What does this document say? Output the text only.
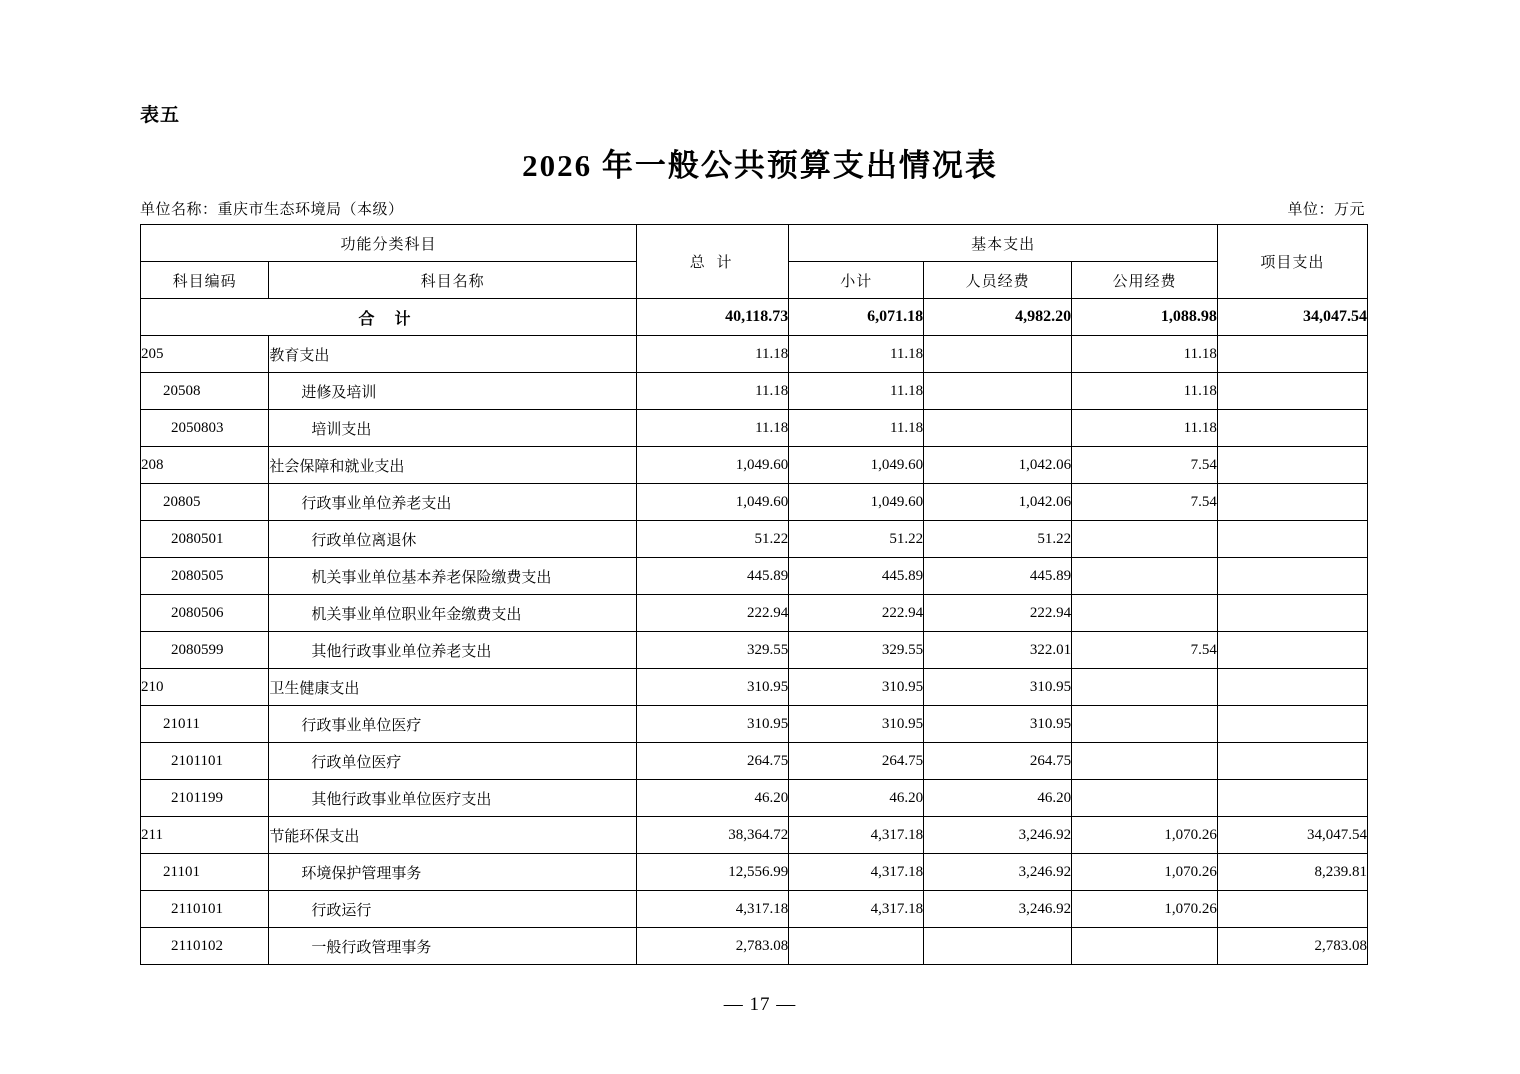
表五
2026 年一般公共预算支出情况表
单位名称：重庆市生态环境局（本级）	单位：万元
功能分类科目		总 计	基本支出			项目支出
科目编码	科目名称		小计	人员经费	公用经费	
合 计		40,118.73	6,071.18	4,982.20	1,088.98	34,047.54
205	教育支出	11.18	11.18		11.18	
20508	进修及培训	11.18	11.18		11.18	
2050803	培训支出	11.18	11.18		11.18	
208	社会保障和就业支出	1,049.60	1,049.60	1,042.06	7.54	
20805	行政事业单位养老支出	1,049.60	1,049.60	1,042.06	7.54	
2080501	行政单位离退休	51.22	51.22	51.22		
2080505	机关事业单位基本养老保险缴费支出	445.89	445.89	445.89		
2080506	机关事业单位职业年金缴费支出	222.94	222.94	222.94		
2080599	其他行政事业单位养老支出	329.55	329.55	322.01	7.54	
210	卫生健康支出	310.95	310.95	310.95		
21011	行政事业单位医疗	310.95	310.95	310.95		
2101101	行政单位医疗	264.75	264.75	264.75		
2101199	其他行政事业单位医疗支出	46.20	46.20	46.20		
211	节能环保支出	38,364.72	4,317.18	3,246.92	1,070.26	34,047.54
21101	环境保护管理事务	12,556.99	4,317.18	3,246.92	1,070.26	8,239.81
2110101	行政运行	4,317.18	4,317.18	3,246.92	1,070.26	
2110102	一般行政管理事务	2,783.08				2,783.08
— 17 —
